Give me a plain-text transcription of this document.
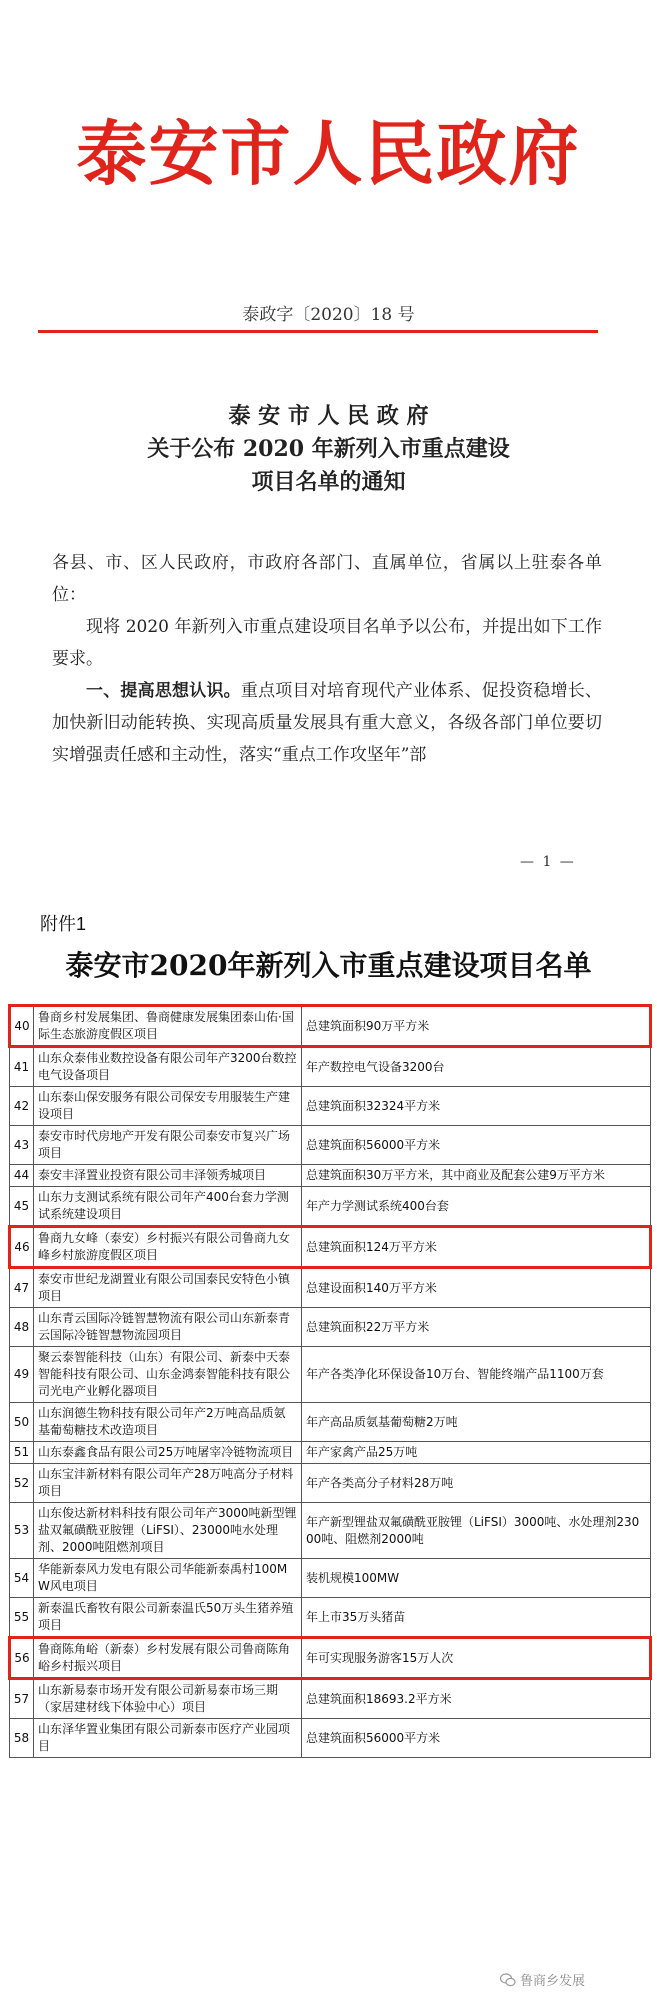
泰安市人民政府
泰政字〔2020〕18 号
泰 安 市 人 民 政 府
关于公布 2020 年新列入市重点建设
项目名单的通知

各县、市、区人民政府，市政府各部门、直属单位，省属以上驻泰各单位：

现将 2020 年新列入市重点建设项目名单予以公布，并提出如下工作要求。

一、提高思想认识。重点项目对培育现代产业体系、促投资稳增长、加快新旧动能转换、实现高质量发展具有重大意义，各级各部门单位要切实增强责任感和主动性，落实“重点工作攻坚年”部

— 1 —
附件1
泰安市2020年新列入市重点建设项目名单
40	鲁商乡村发展集团、鲁商健康发展集团泰山佑·国际生态旅游度假区项目	总建筑面积90万平方米
41	山东众泰伟业数控设备有限公司年产3200台数控电气设备项目	年产数控电气设备3200台
42	山东泰山保安服务有限公司保安专用服装生产建设项目	总建筑面积32324平方米
43	泰安市时代房地产开发有限公司泰安市复兴广场项目	总建筑面积56000平方米
44	泰安丰泽置业投资有限公司丰泽领秀城项目	总建筑面积30万平方米，其中商业及配套公建9万平方米
45	山东力支测试系统有限公司年产400台套力学测试系统建设项目	年产力学测试系统400台套
46	鲁商九女峰（泰安）乡村振兴有限公司鲁商九女峰乡村旅游度假区项目	总建筑面积124万平方米
47	泰安市世纪龙湖置业有限公司国泰民安特色小镇项目	总建设面积140万平方米
48	山东青云国际冷链智慧物流有限公司山东新泰青云国际冷链智慧物流园项目	总建筑面积22万平方米
49	聚云泰智能科技（山东）有限公司、新泰中天泰智能科技有限公司、山东金鸿泰智能科技有限公司光电产业孵化器项目	年产各类净化环保设备10万台、智能终端产品1100万套
50	山东润德生物科技有限公司年产2万吨高品质氨基葡萄糖技术改造项目	年产高品质氨基葡萄糖2万吨
51	山东泰鑫食品有限公司25万吨屠宰冷链物流项目	年产家禽产品25万吨
52	山东宝沣新材料有限公司年产28万吨高分子材料项目	年产各类高分子材料28万吨
53	山东俊达新材料科技有限公司年产3000吨新型锂盐双氟磺酰亚胺锂（LiFSI）、23000吨水处理剂、2000吨阻燃剂项目	年产新型锂盐双氟磺酰亚胺锂（LiFSI）3000吨、水处理剂23000吨、阻燃剂2000吨
54	华能新泰风力发电有限公司华能新泰禹村100MW风电项目	装机规模100MW
55	新泰温氏畜牧有限公司新泰温氏50万头生猪养殖项目	年上市35万头猪苗
56	鲁商陈角峪（新泰）乡村发展有限公司鲁商陈角峪乡村振兴项目	年可实现服务游客15万人次
57	山东新易泰市场开发有限公司新易泰市场三期（家居建材线下体验中心）项目	总建筑面积18693.2平方米
58	山东泽华置业集团有限公司新泰市医疗产业园项目	总建筑面积56000平方米
鲁商乡发展
